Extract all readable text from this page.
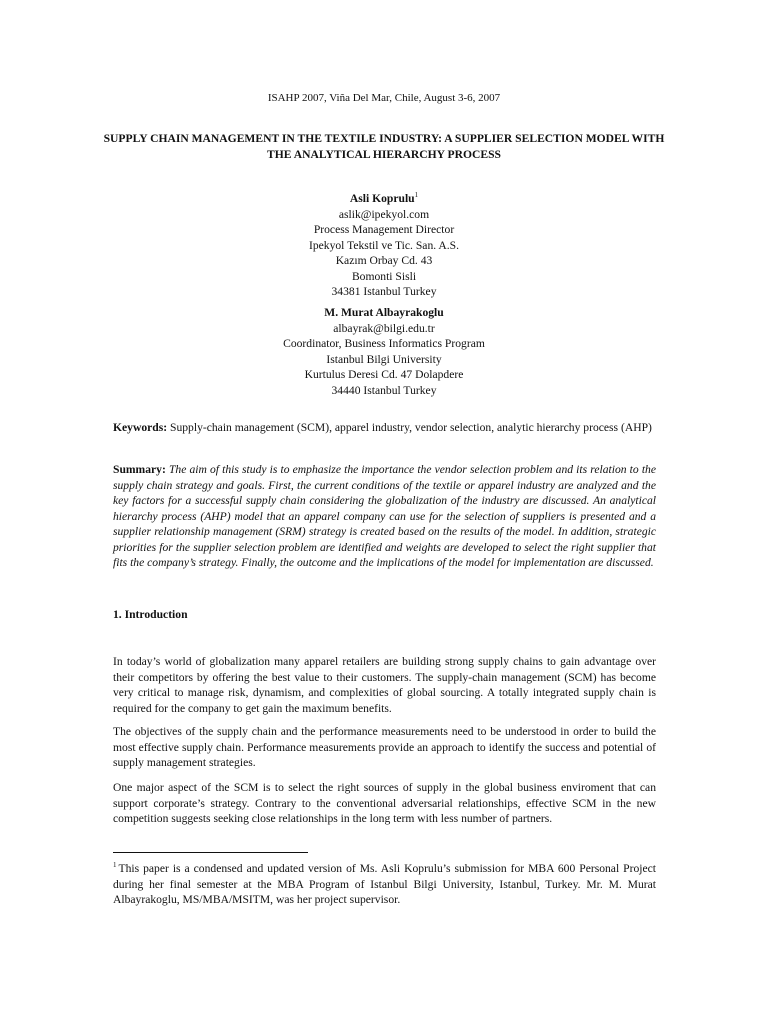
ISAHP 2007, Viña Del Mar, Chile, August 3-6, 2007
SUPPLY CHAIN MANAGEMENT IN THE TEXTILE INDUSTRY: A SUPPLIER SELECTION MODEL WITH THE ANALYTICAL HIERARCHY PROCESS
Asli Koprulu$^1$
aslik@ipekyol.com
Process Management Director
Ipekyol Tekstil ve Tic. San. A.S.
Kazım Orbay Cd. 43
Bomonti Sisli
34381 Istanbul Turkey
M. Murat Albayrakoglu
albayrak@bilgi.edu.tr
Coordinator, Business Informatics Program
Istanbul Bilgi University
Kurtulus Deresi Cd. 47 Dolapdere
34440 Istanbul Turkey
Keywords: Supply-chain management (SCM), apparel industry, vendor selection, analytic hierarchy process (AHP)
Summary: The aim of this study is to emphasize the importance the vendor selection problem and its relation to the supply chain strategy and goals. First, the current conditions of the textile or apparel industry are analyzed and the key factors for a successful supply chain considering the globalization of the industry are discussed. An analytical hierarchy process (AHP) model that an apparel company can use for the selection of suppliers is presented and a supplier relationship management (SRM) strategy is created based on the results of the model. In addition, strategic priorities for the supplier selection problem are identified and weights are developed to select the right supplier that fits the company’s strategy. Finally, the outcome and the implications of the model for implementation are discussed.
1. Introduction
In today’s world of globalization many apparel retailers are building strong supply chains to gain advantage over their competitors by offering the best value to their customers. The supply-chain management (SCM) has become very critical to manage risk, dynamism, and complexities of global sourcing. A totally integrated supply chain is required for the company to get gain the maximum benefits.
The objectives of the supply chain and the performance measurements need to be understood in order to build the most effective supply chain. Performance measurements provide an approach to identify the success and potential of supply management strategies.
One major aspect of the SCM is to select the right sources of supply in the global business enviroment that can support corporate’s strategy. Contrary to the conventional adversarial relationships, effective SCM in the new competition suggests seeking close relationships in the long term with less number of partners.
$^1$ This paper is a condensed and updated version of Ms. Asli Koprulu’s submission for MBA 600 Personal Project during her final semester at the MBA Program of Istanbul Bilgi University, Istanbul, Turkey. Mr. M. Murat Albayrakoglu, MS/MBA/MSITM, was her project supervisor.
